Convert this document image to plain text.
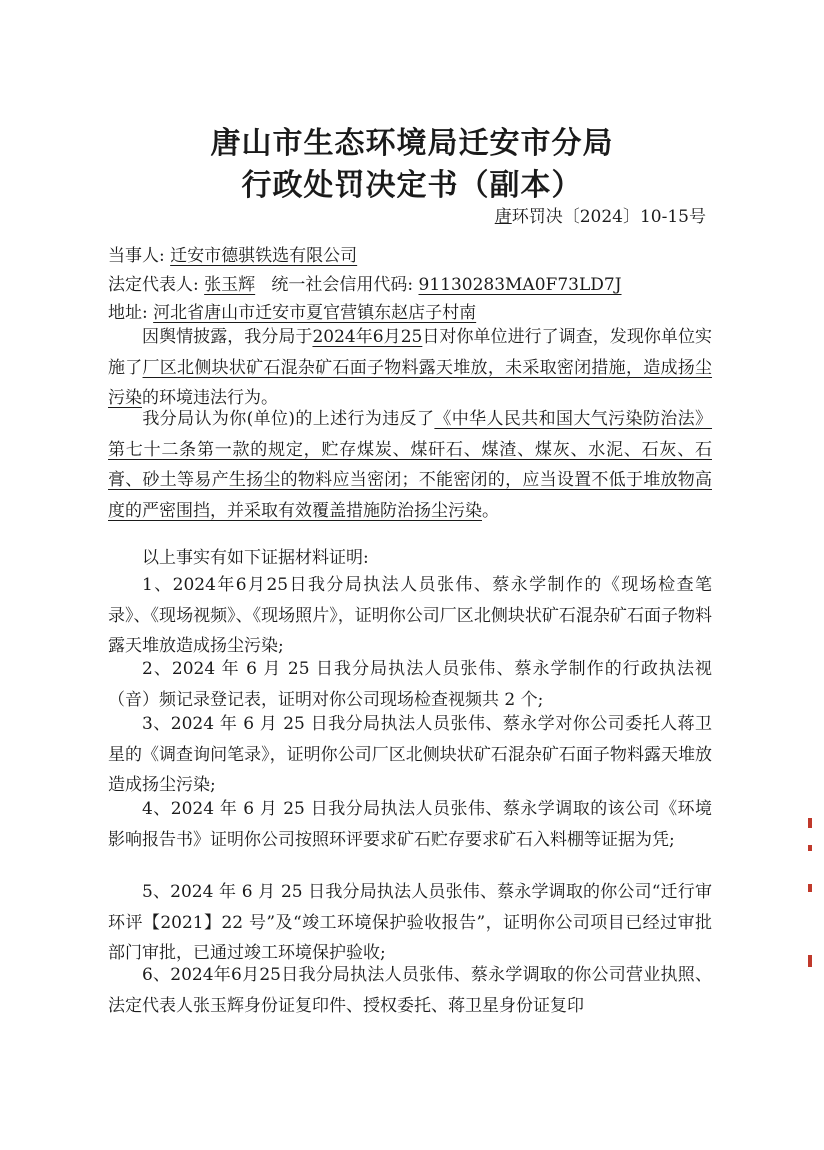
唐山市生态环境局迁安市分局
行政处罚决定书（副本）
唐环罚决〔2024〕10-15号
当事人: 迁安市德骐铁选有限公司
法定代表人: 张玉辉 统一社会信用代码: 91130283MA0F73LD7J
地址: 河北省唐山市迁安市夏官营镇东赵店子村南
因舆情披露，我分局于2024年6月25日对你单位进行了调查，发现你单位实施了厂区北侧块状矿石混杂矿石面子物料露天堆放，未采取密闭措施，造成扬尘污染的环境违法行为。
我分局认为你(单位)的上述行为违反了《中华人民共和国大气污染防治法》第七十二条第一款的规定，贮存煤炭、煤矸石、煤渣、煤灰、水泥、石灰、石膏、砂土等易产生扬尘的物料应当密闭；不能密闭的，应当设置不低于堆放物高度的严密围挡，并采取有效覆盖措施防治扬尘污染。
以上事实有如下证据材料证明:
1、2024年6月25日我分局执法人员张伟、蔡永学制作的《现场检查笔录》、《现场视频》、《现场照片》，证明你公司厂区北侧块状矿石混杂矿石面子物料露天堆放造成扬尘污染;
2、2024 年 6 月 25 日我分局执法人员张伟、蔡永学制作的行政执法视（音）频记录登记表，证明对你公司现场检查视频共 2 个;
3、2024 年 6 月 25 日我分局执法人员张伟、蔡永学对你公司委托人蒋卫星的《调查询问笔录》，证明你公司厂区北侧块状矿石混杂矿石面子物料露天堆放造成扬尘污染;
4、2024 年 6 月 25 日我分局执法人员张伟、蔡永学调取的该公司《环境影响报告书》证明你公司按照环评要求矿石贮存要求矿石入料棚等证据为凭;
5、2024 年 6 月 25 日我分局执法人员张伟、蔡永学调取的你公司“迁行审环评【2021】22 号”及“竣工环境保护验收报告”，证明你公司项目已经过审批部门审批，已通过竣工环境保护验收;
6、2024年6月25日我分局执法人员张伟、蔡永学调取的你公司营业执照、法定代表人张玉辉身份证复印件、授权委托、蒋卫星身份证复印
